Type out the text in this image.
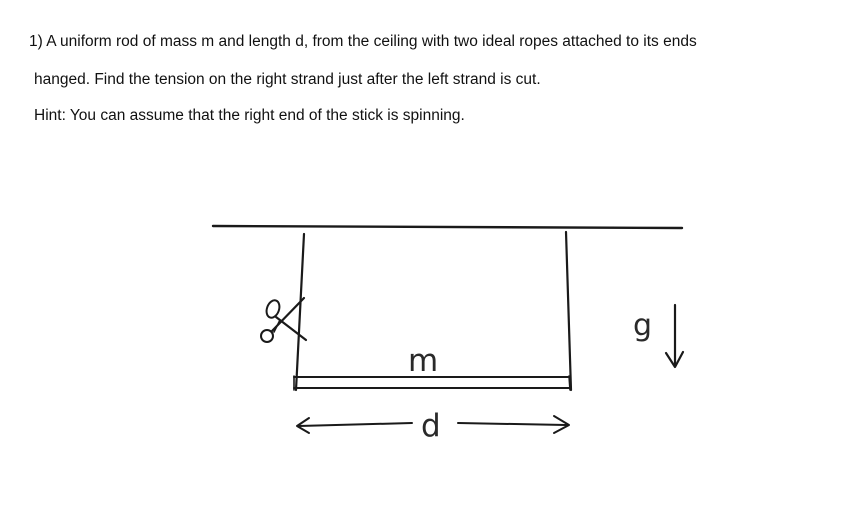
1) A uniform rod of mass m and length d, from the ceiling with two ideal ropes attached to its ends
hanged. Find the tension on the right strand just after the left strand is cut.
Hint: You can assume that the right end of the stick is spinning.
m
d
g
